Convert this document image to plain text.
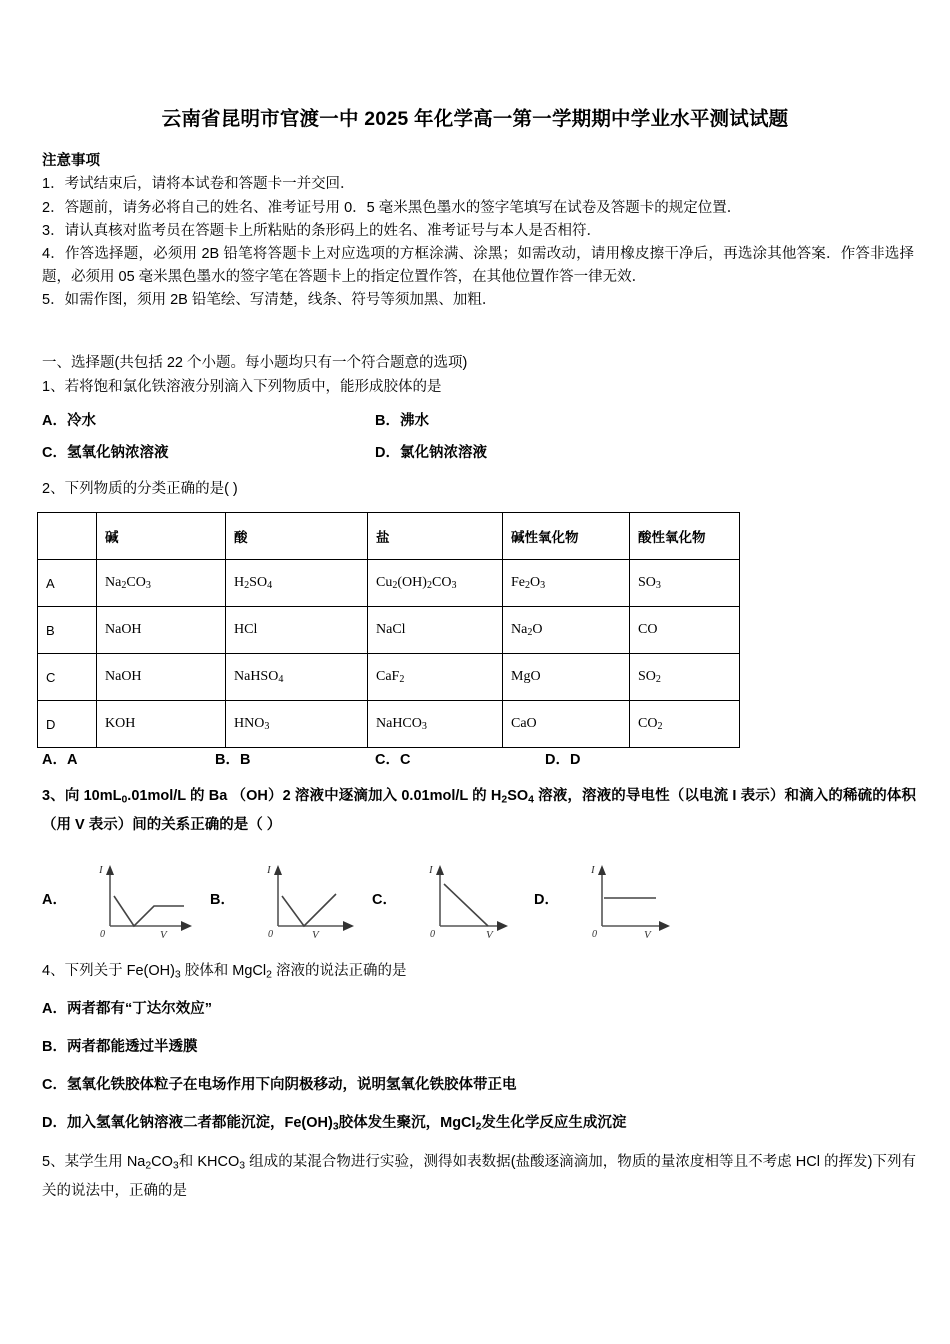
云南省昆明市官渡一中 2025 年化学高一第一学期期中学业水平测试试题
注意事项
1．考试结束后，请将本试卷和答题卡一并交回．
2．答题前，请务必将自己的姓名、准考证号用 0．5 毫米黑色墨水的签字笔填写在试卷及答题卡的规定位置．
3．请认真核对监考员在答题卡上所粘贴的条形码上的姓名、准考证号与本人是否相符．
4．作答选择题，必须用 2B 铅笔将答题卡上对应选项的方框涂满、涂黑；如需改动，请用橡皮擦干净后，再选涂其他答案．作答非选择题，必须用 05 毫米黑色墨水的签字笔在答题卡上的指定位置作答，在其他位置作答一律无效．
5．如需作图，须用 2B 铅笔绘、写清楚，线条、符号等须加黑、加粗．
一、选择题(共包括 22 个小题。每小题均只有一个符合题意的选项)
1、若将饱和氯化铁溶液分别滴入下列物质中，能形成胶体的是
A．冷水	B．沸水
C．氢氧化钠浓溶液	D．氯化钠浓溶液
2、下列物质的分类正确的是( )
	碱	酸	盐	碱性氧化物	酸性氧化物
A	$Na_2CO_3$	$H_2SO_4$	$Cu_2(OH)_2CO_3$	$Fe_2O_3$	$SO_3$
B	NaOH	HCl	NaCl	$Na_2O$	CO
C	NaOH	NaHSO$_4$	CaF$_2$	MgO	$SO_2$
D	KOH	$HNO_3$	NaHCO$_3$	CaO	$CO_2$
A．A	B．B	C．C	D．D
3、向 $10mL_0.01mol/L$ 的 Ba （OH）2 溶液中逐滴加入 0.01mol/L 的 $H_2SO_4$ 溶液，溶液的导电性（以电流 I 表示）和滴入的稀硫的体积（用 V 表示）间的关系正确的是（ ）
A．
I
0	V
B．
I
0	V
C．
I
0	V
D．
I
0	V
4、下列关于 $Fe(OH)_3$ 胶体和 MgCl$_2$ 溶液的说法正确的是
A．两者都有“丁达尔效应”
B．两者都能透过半透膜
C．氢氧化铁胶体粒子在电场作用下向阴极移动，说明氢氧化铁胶体带正电
D．加入氢氧化钠溶液二者都能沉淀，$Fe(OH)_3$胶体发生聚沉，MgCl$_2$发生化学反应生成沉淀
5、某学生用 $Na_2CO_3$和 $KHCO_3$ 组成的某混合物进行实验，测得如表数据(盐酸逐滴滴加，物质的量浓度相等且不考虑 HCl 的挥发)下列有关的说法中，正确的是
